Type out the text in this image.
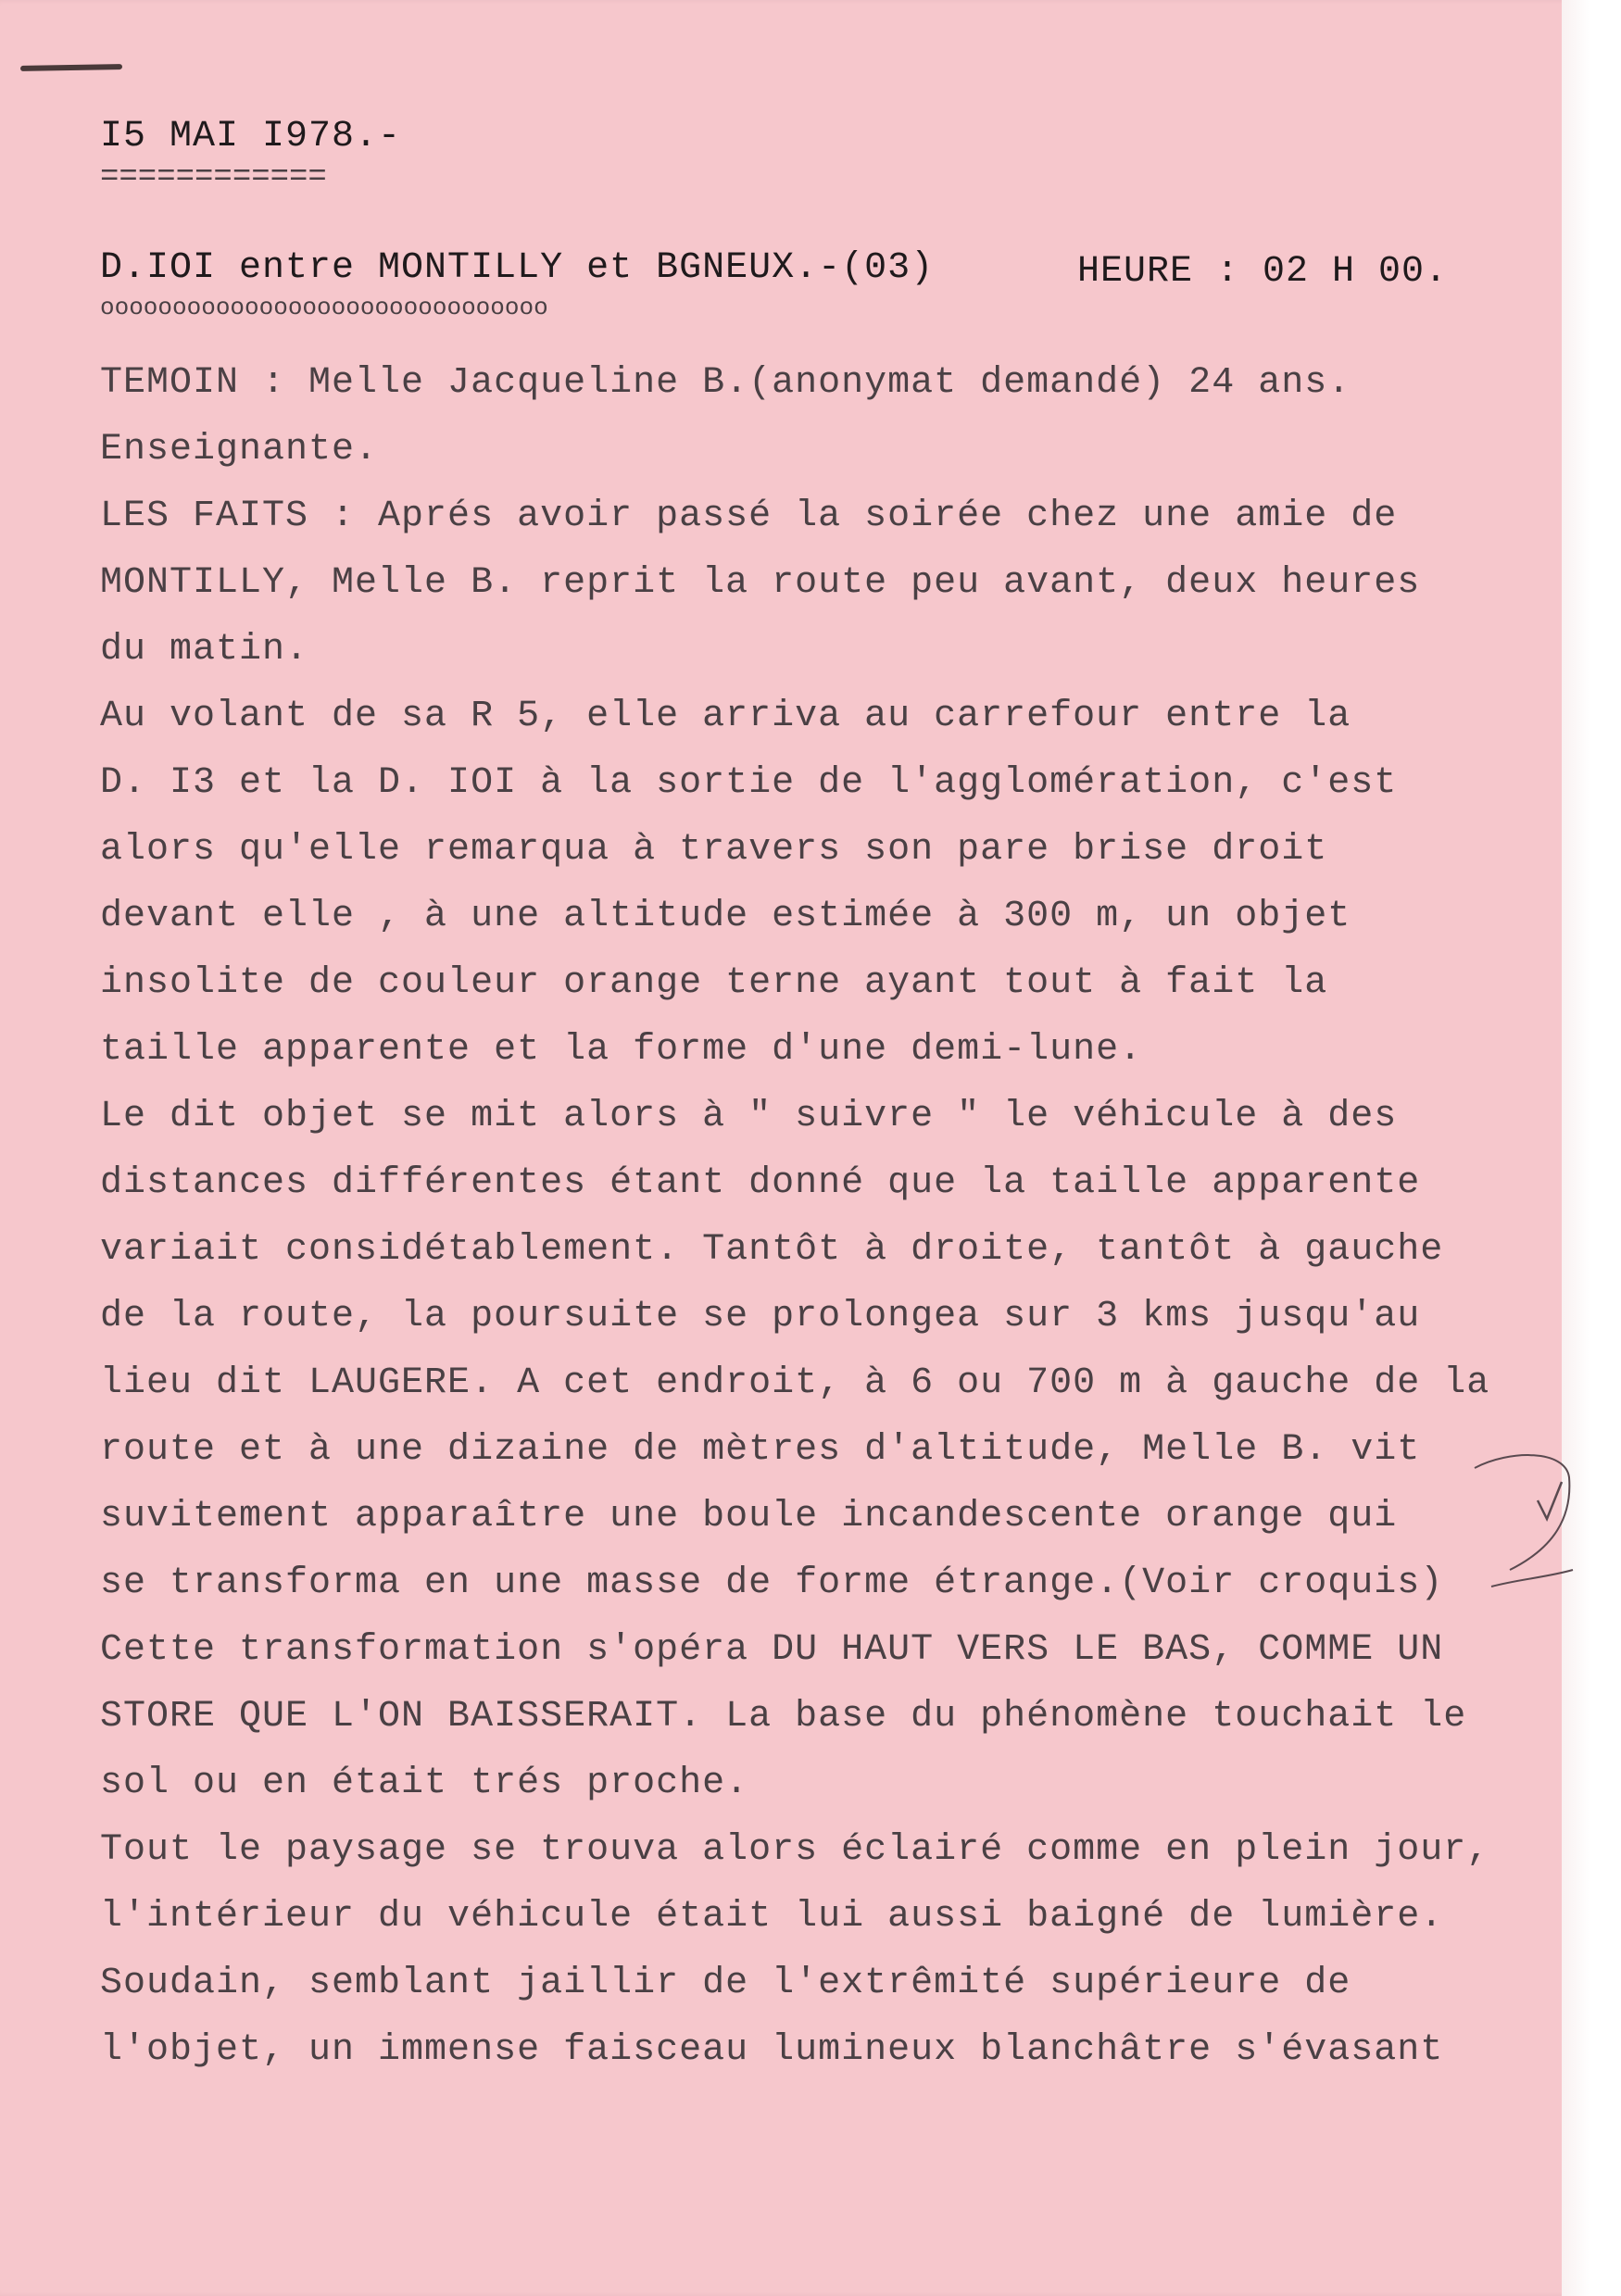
I5 MAI I978.-

============

D.IOI entre MONTILLY et BGNEUX.-(03)

	HEURE : 02 H 00.

ooooooooooooooooooooooooooooooo

TEMOIN : Melle Jacqueline B.(anonymat demandé) 24 ans.

Enseignante.

LES FAITS : Aprés avoir passé la soirée chez une amie de

MONTILLY, Melle B. reprit la route peu avant, deux heures

du matin.

Au volant de sa R 5, elle arriva au carrefour entre la

D. I3 et la D. IOI à la sortie de l'agglomération, c'est

alors qu'elle remarqua à travers son pare brise droit

devant elle , à une altitude estimée à 300 m, un objet

insolite de couleur orange terne ayant tout à fait la

taille apparente et la forme d'une demi-lune.

Le dit objet se mit alors à " suivre " le véhicule à des

distances différentes étant donné que la taille apparente

variait considétablement. Tantôt à droite, tantôt à gauche

de la route, la poursuite se prolongea sur 3 kms jusqu'au

lieu dit LAUGERE. A cet endroit, à 6 ou 700 m à gauche de la

route et à une dizaine de mètres d'altitude, Melle B. vit

suvitement apparaître une boule incandescente orange qui

se transforma en une masse de forme étrange.(Voir croquis)

Cette transformation s'opéra DU HAUT VERS LE BAS, COMME UN

STORE QUE L'ON BAISSERAIT. La base du phénomène touchait le

sol ou en était trés proche.

Tout le paysage se trouva alors éclairé comme en plein jour,

l'intérieur du véhicule était lui aussi baigné de lumière.

Soudain, semblant jaillir de l'extrêmité supérieure de

l'objet, un immense faisceau lumineux blanchâtre s'évasant
